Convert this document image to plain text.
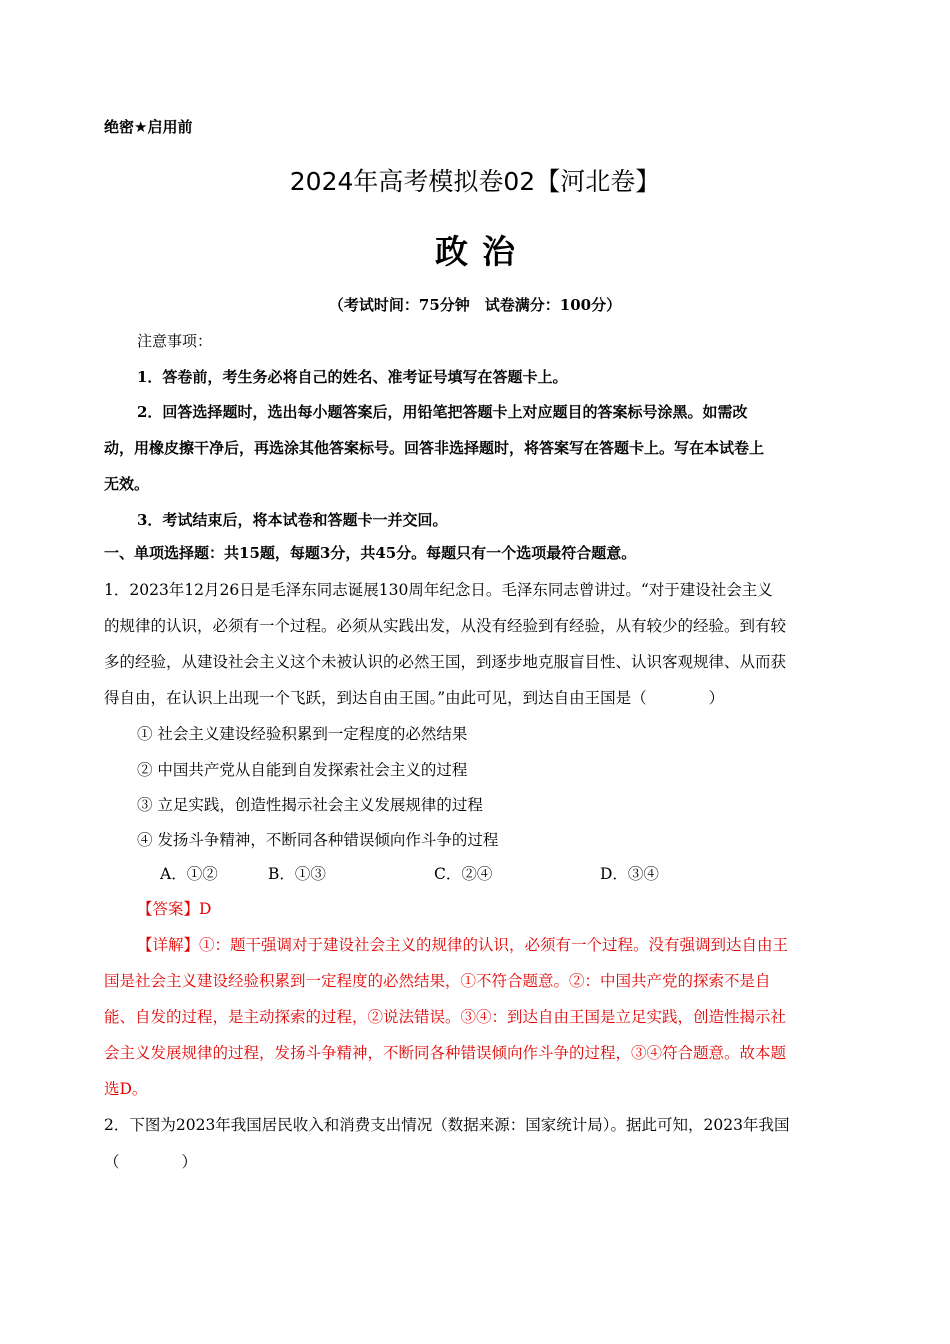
绝密★启用前
2024年高考模拟卷02【河北卷】
政治
（考试时间：75分钟　试卷满分：100分）
注意事项：
1．答卷前，考生务必将自己的姓名、准考证号填写在答题卡上。
2．回答选择题时，选出每小题答案后，用铅笔把答题卡上对应题目的答案标号涂黑。如需改
动，用橡皮擦干净后，再选涂其他答案标号。回答非选择题时，将答案写在答题卡上。写在本试卷上
无效。
3．考试结束后，将本试卷和答题卡一并交回。
一、单项选择题：共15题，每题3分，共45分。每题只有一个选项最符合题意。
1．2023年12月26日是毛泽东同志诞展130周年纪念日。毛泽东同志曾讲过。“对于建设社会主义
的规律的认识，必须有一个过程。必须从实践出发，从没有经验到有经验，从有较少的经验。到有较
多的经验，从建设社会主义这个未被认识的必然王国，到逐步地克服盲目性、认识客观规律、从而获
得自由，在认识上出现一个飞跃，到达自由王国。”由此可见，到达自由王国是（　　　　）
① 社会主义建设经验积累到一定程度的必然结果
② 中国共产党从自能到自发探索社会主义的过程
③ 立足实践，创造性揭示社会主义发展规律的过程
④ 发扬斗争精神，不断同各种错误倾向作斗争的过程
A．①②	B．①③	C．②④	D．③④
【答案】D
【详解】①：题干强调对于建设社会主义的规律的认识，必须有一个过程。没有强调到达自由王
国是社会主义建设经验积累到一定程度的必然结果，①不符合题意。②：中国共产党的探索不是自
能、自发的过程，是主动探索的过程，②说法错误。③④：到达自由王国是立足实践，创造性揭示社
会主义发展规律的过程，发扬斗争精神，不断同各种错误倾向作斗争的过程，③④符合题意。故本题
选D。
2．下图为2023年我国居民收入和消费支出情况（数据来源：国家统计局）。据此可知，2023年我国
（　　　　）
